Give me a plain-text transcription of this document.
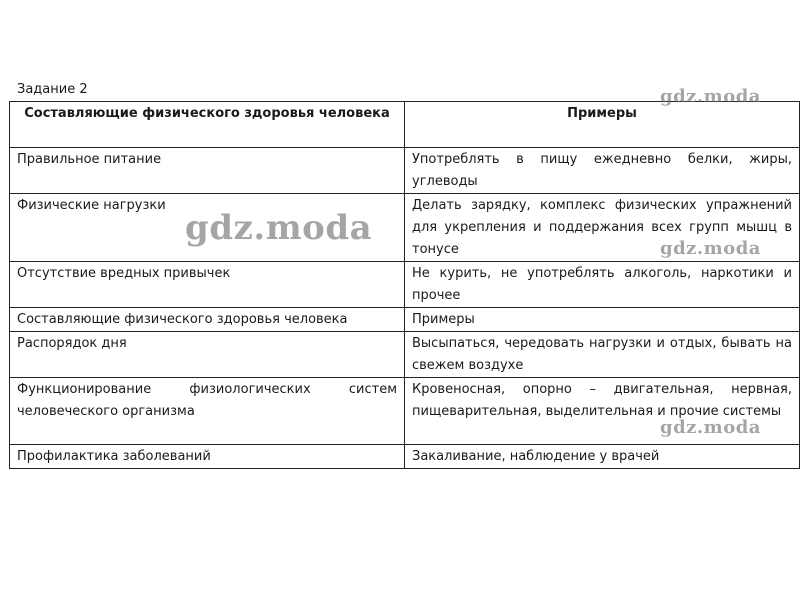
Задание 2
Составляющие физического здоровья человека	Примеры
Правильное питание	Употреблять в пищу ежедневно белки, жиры, углеводы
Физические нагрузки	Делать зарядку, комплекс физических упражнений для укрепления и поддержания всех групп мышц в тонусе
Отсутствие вредных привычек	Не курить, не употреблять алкоголь, наркотики и прочее
Составляющие физического здоровья человека	Примеры
Распорядок дня	Высыпаться, чередовать нагрузки и отдых, бывать на свежем воздухе
Функционирование физиологических систем человеческого организма	Кровеносная, опорно – двигательная, нервная, пищеварительная, выделительная и прочие системы
Профилактика заболеваний	Закаливание, наблюдение у врачей
gdz.moda
gdz.moda
gdz.moda
gdz.moda
